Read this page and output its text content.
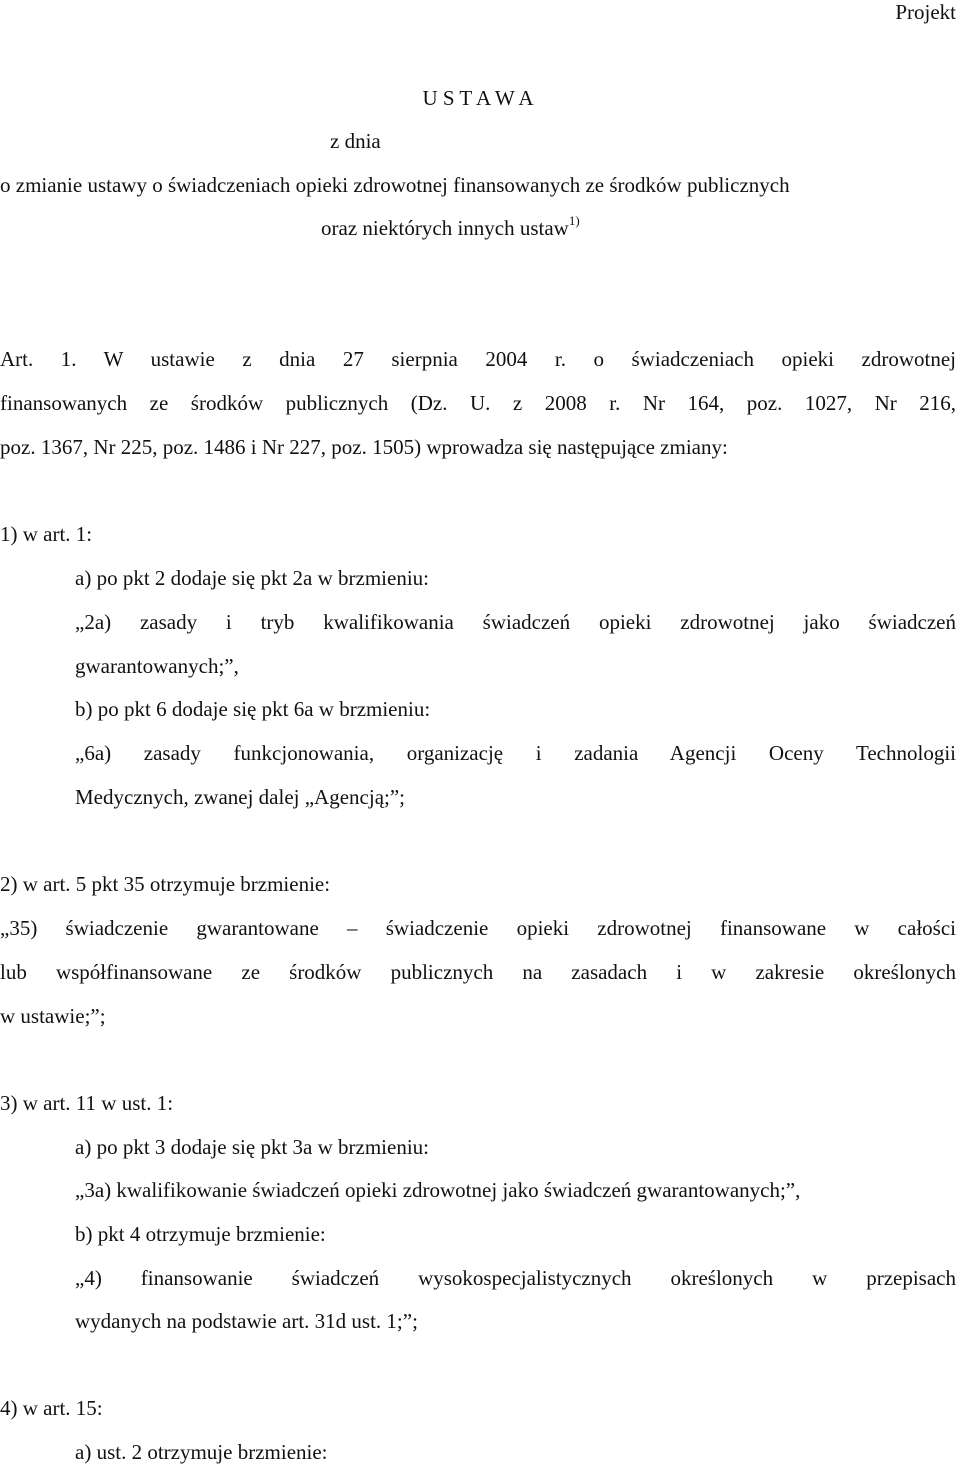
Projekt
U S T A W A
z dnia
o zmianie ustawy o świadczeniach opieki zdrowotnej finansowanych ze środków publicznych
oraz niektórych innych ustaw$^{1)}$
Art. 1. W ustawie z dnia 27 sierpnia 2004 r. o świadczeniach opieki zdrowotnej
finansowanych ze środków publicznych (Dz. U. z 2008 r. Nr 164, poz. 1027, Nr 216,
poz. 1367, Nr 225, poz. 1486 i Nr 227, poz. 1505) wprowadza się następujące zmiany:
1) w art. 1:
a) po pkt 2 dodaje się pkt 2a w brzmieniu:
„2a) zasady i tryb kwalifikowania świadczeń opieki zdrowotnej jako świadczeń
gwarantowanych;”,
b) po pkt 6 dodaje się pkt 6a w brzmieniu:
„6a) zasady funkcjonowania, organizację i zadania Agencji Oceny Technologii
Medycznych, zwanej dalej „Agencją;”;
2) w art. 5 pkt 35 otrzymuje brzmienie:
„35) świadczenie gwarantowane – świadczenie opieki zdrowotnej finansowane w całości
lub współfinansowane ze środków publicznych na zasadach i w zakresie określonych
w ustawie;”;
3) w art. 11 w ust. 1:
a) po pkt 3 dodaje się pkt 3a w brzmieniu:
„3a) kwalifikowanie świadczeń opieki zdrowotnej jako świadczeń gwarantowanych;”,
b) pkt 4 otrzymuje brzmienie:
„4) finansowanie świadczeń wysokospecjalistycznych określonych w przepisach
wydanych na podstawie art. 31d ust. 1;”;
4) w art. 15:
a) ust. 2 otrzymuje brzmienie:
